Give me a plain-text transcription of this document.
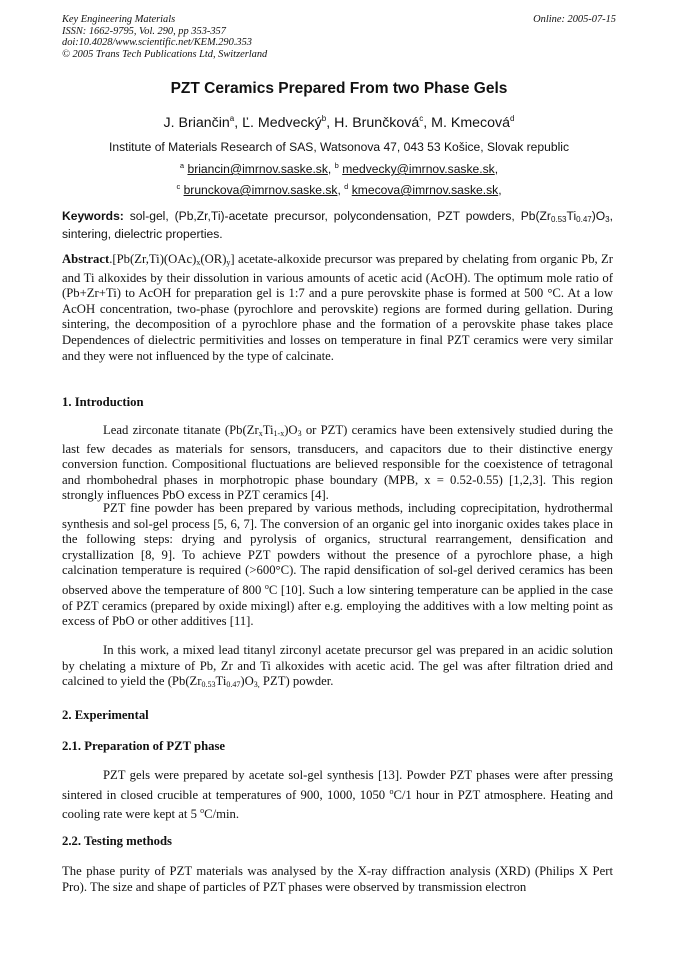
Key Engineering Materials
ISSN: 1662-9795, Vol. 290, pp 353-357
doi:10.4028/www.scientific.net/KEM.290.353
© 2005 Trans Tech Publications Ltd, Switzerland
Online: 2005-07-15
PZT Ceramics Prepared From two Phase Gels
J. Briančin$^a$, Ľ. Medvecký$^b$, H. Brunčková$^c$, M. Kmecová$^d$
Institute of Materials Research of SAS, Watsonova 47, 043 53 Košice, Slovak republic
$^a$ briancin@imrnov.saske.sk, $^b$ medvecky@imrnov.saske.sk,
$^c$ brunckova@imrnov.saske.sk, $^d$ kmecova@imrnov.saske.sk,
Keywords: sol-gel, (Pb,Zr,Ti)-acetate precursor, polycondensation, PZT powders, $Pb(Zr_{0.53}Ti_{0.47})O_3$, sintering, dielectric properties.
$Abstract.[Pb(Zr,Ti)(OAc)_x(OR)_y]$ acetate-alkoxide precursor was prepared by chelating from organic Pb, Zr and Ti alkoxides by their dissolution in various amounts of acetic acid (AcOH). The optimum mole ratio of (Pb+Zr+Ti) to AcOH for preparation gel is 1:7 and a pure perovskite phase is formed at 500 °C. At a low AcOH concentration, two-phase (pyrochlore and perovskite) regions are formed during gellation. During sintering, the decomposition of a pyrochlore phase and the formation of a perovskite phase takes place Dependences of dielectric permitivities and losses on temperature in final PZT ceramics were very similar and they were not influenced by the type of calcinate.
1. Introduction
Lead zirconate titanate ($Pb(Zr_xTi_{1-x})O_3$ or PZT) ceramics have been extensively studied during the last few decades as materials for sensors, transducers, and capacitors due to their distinctive energy conversion function. Compositional fluctuations are believed responsible for the coexistence of tetragonal and rhombohedral phases in morphotropic phase boundary (MPB, x = 0.52-0.55) [1,2,3]. This region strongly influences PbO excess in PZT ceramics [4].
PZT fine powder has been prepared by various methods, including coprecipitation, hydrothermal synthesis and sol-gel process [5, 6, 7]. The conversion of an organic gel into inorganic oxides takes place in the following steps: drying and pyrolysis of organics, structural rearrangement, densification and crystallization [8, 9]. To achieve PZT powders without the presence of a pyrochlore phase, a high calcination temperature is required (>600°C). The rapid densification of sol-gel derived ceramics has been observed above the temperature of 800 $^o$C [10]. Such a low sintering temperature can be applied in the case of PZT ceramics (prepared by oxide mixingl) after e.g. employing the additives with a low melting point as excess of PbO or other additives [11].
In this work, a mixed lead titanyl zirconyl acetate precursor gel was prepared in an acidic solution by chelating a mixture of Pb, Zr and Ti alkoxides with acetic acid. The gel was after filtration dried and calcined to yield the ($Pb(Zr_{0.53}Ti_{0.47})O_{3,}$ PZT) powder.
2. Experimental
2.1. Preparation of PZT phase
PZT gels were prepared by acetate sol-gel synthesis [13]. Powder PZT phases were after pressing sintered in closed crucible at temperatures of 900, 1000, 1050 $^o$C/1 hour in PZT atmosphere. Heating and cooling rate were kept at 5 $^o$C/min.
2.2. Testing methods
The phase purity of PZT materials was analysed by the X-ray diffraction analysis (XRD) (Philips X Pert Pro). The size and shape of particles of PZT phases were observed by transmission electron
